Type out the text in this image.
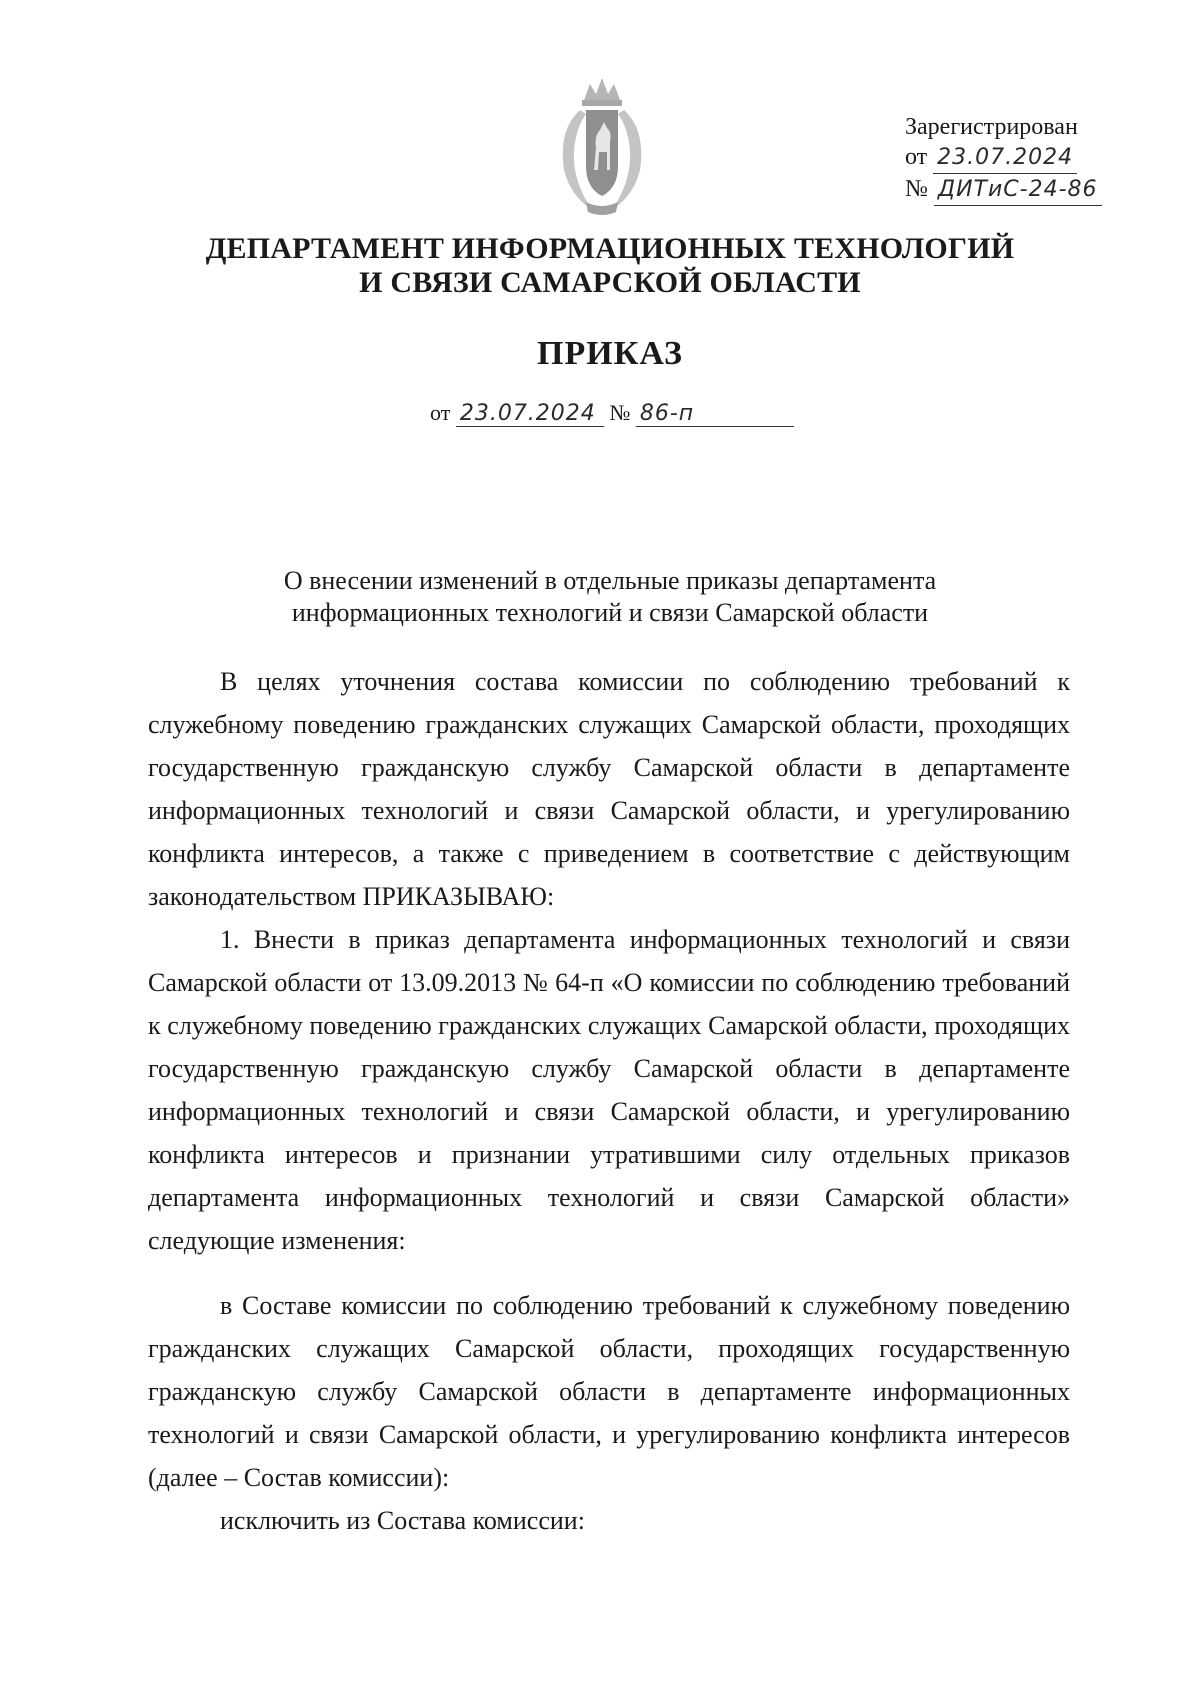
Зарегистрирован
от 23.07.2024
№ ДИТиС-24-86
ДЕПАРТАМЕНТ ИНФОРМАЦИОННЫХ ТЕХНОЛОГИЙ
И СВЯЗИ САМАРСКОЙ ОБЛАСТИ
ПРИКАЗ
от 23.07.2024 № 86-п
О внесении изменений в отдельные приказы департамента
информационных технологий и связи Самарской области

В целях уточнения состава комиссии по соблюдению требований к служебному поведению гражданских служащих Самарской области, проходящих государственную гражданскую службу Самарской области в департаменте информационных технологий и связи Самарской области, и урегулированию конфликта интересов, а также с приведением в соответствие с действующим законодательством ПРИКАЗЫВАЮ:

1. Внести в приказ департамента информационных технологий и связи Самарской области от 13.09.2013 № 64-п «О комиссии по соблюдению требований к служебному поведению гражданских служащих Самарской области, проходящих государственную гражданскую службу Самарской области в департаменте информационных технологий и связи Самарской области, и урегулированию конфликта интересов и признании утратившими силу отдельных приказов департамента информационных технологий и связи Самарской области» следующие изменения:

в Составе комиссии по соблюдению требований к служебному поведению гражданских служащих Самарской области, проходящих государственную гражданскую службу Самарской области в департаменте информационных технологий и связи Самарской области, и урегулированию конфликта интересов (далее – Состав комиссии):

исключить из Состава комиссии:
